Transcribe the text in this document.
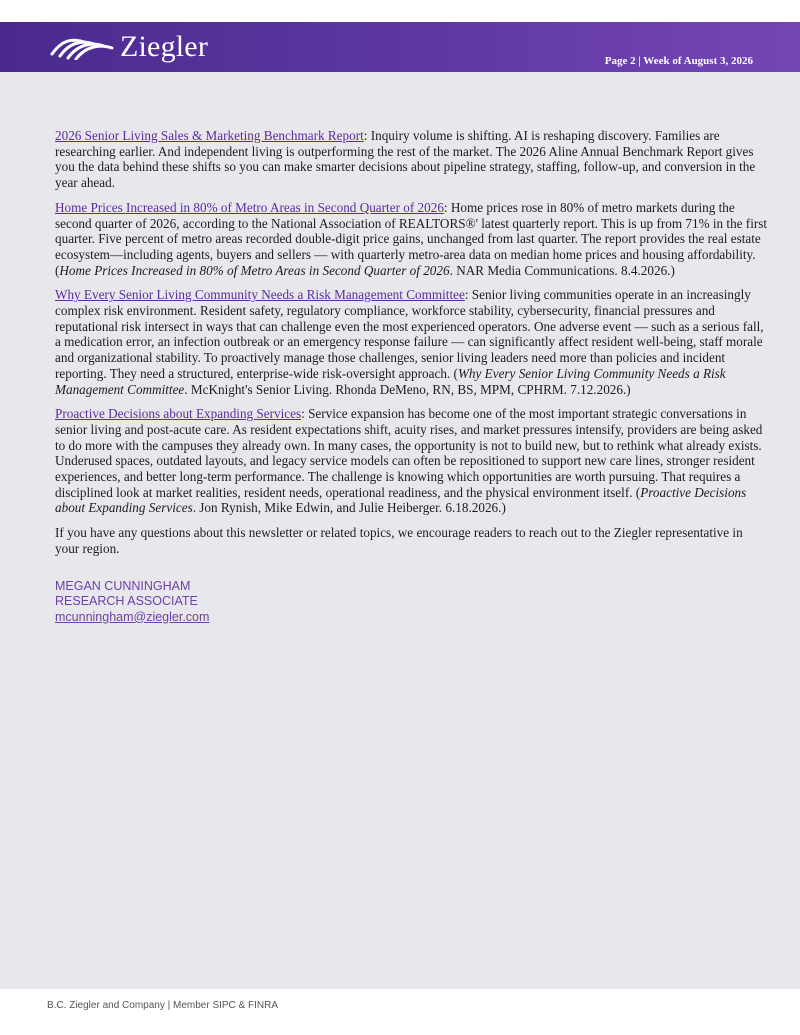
Ziegler	Page 2 | Week of August 3, 2026

2026 Senior Living Sales & Marketing Benchmark Report: Inquiry volume is shifting. AI is reshaping discovery. Families are researching earlier. And independent living is outperforming the rest of the market. The 2026 Aline Annual Benchmark Report gives you the data behind these shifts so you can make smarter decisions about pipeline strategy, staffing, follow-up, and conversion in the year ahead.

Home Prices Increased in 80% of Metro Areas in Second Quarter of 2026: Home prices rose in 80% of metro markets during the second quarter of 2026, according to the National Association of REALTORS®' latest quarterly report. This is up from 71% in the first quarter. Five percent of metro areas recorded double-digit price gains, unchanged from last quarter. The report provides the real estate ecosystem—including agents, buyers and sellers — with quarterly metro-area data on median home prices and housing affordability. (Home Prices Increased in 80% of Metro Areas in Second Quarter of 2026. NAR Media Communications. 8.4.2026.)

Why Every Senior Living Community Needs a Risk Management Committee: Senior living communities operate in an increasingly complex risk environment. Resident safety, regulatory compliance, workforce stability, cybersecurity, financial pressures and reputational risk intersect in ways that can challenge even the most experienced operators. One adverse event — such as a serious fall, a medication error, an infection outbreak or an emergency response failure — can significantly affect resident well-being, staff morale and organizational stability. To proactively manage those challenges, senior living leaders need more than policies and incident reporting. They need a structured, enterprise-wide risk-oversight approach. (Why Every Senior Living Community Needs a Risk Management Committee. McKnight's Senior Living. Rhonda DeMeno, RN, BS, MPM, CPHRM. 7.12.2026.)

Proactive Decisions about Expanding Services: Service expansion has become one of the most important strategic conversations in senior living and post-acute care. As resident expectations shift, acuity rises, and market pressures intensify, providers are being asked to do more with the campuses they already own. In many cases, the opportunity is not to build new, but to rethink what already exists. Underused spaces, outdated layouts, and legacy service models can often be repositioned to support new care lines, stronger resident experiences, and better long-term performance. The challenge is knowing which opportunities are worth pursuing. That requires a disciplined look at market realities, resident needs, operational readiness, and the physical environment itself. (Proactive Decisions about Expanding Services. Jon Rynish, Mike Edwin, and Julie Heiberger. 6.18.2026.)

If you have any questions about this newsletter or related topics, we encourage readers to reach out to the Ziegler representative in your region.

MEGAN CUNNINGHAM
RESEARCH ASSOCIATE
mcunningham@ziegler.com
B.C. Ziegler and Company | Member SIPC & FINRA
